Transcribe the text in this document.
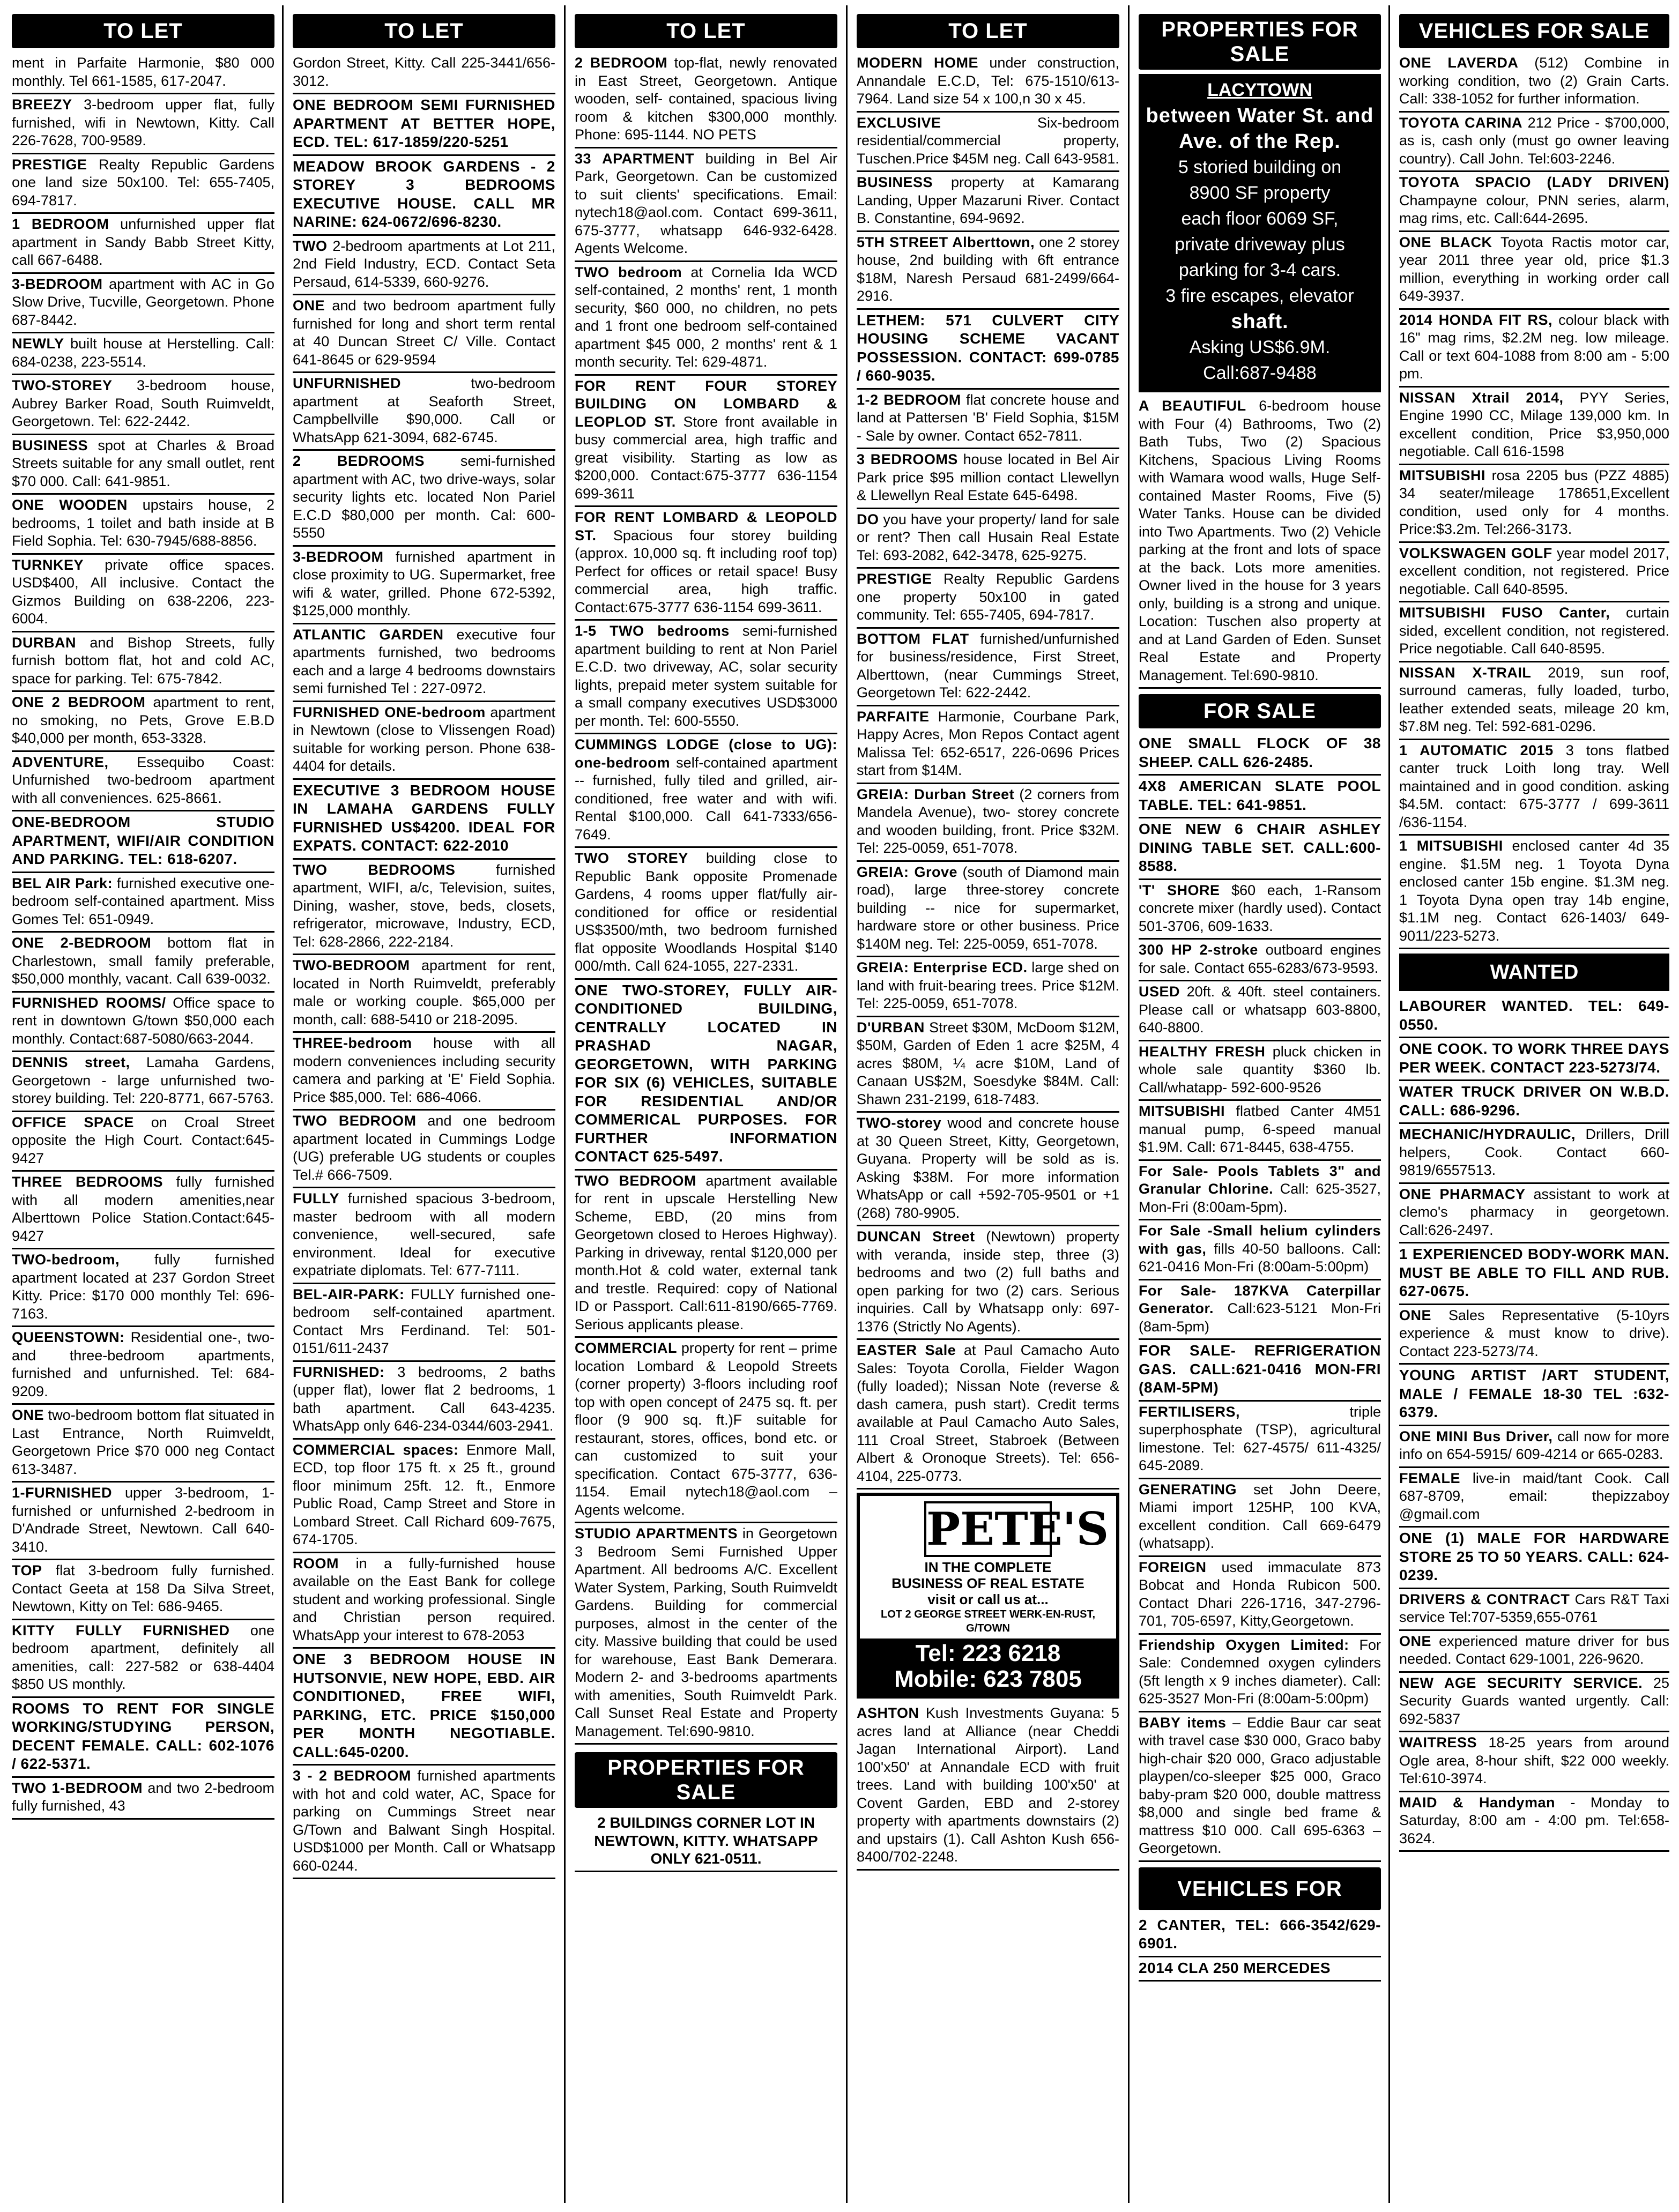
TO LET

ment in Parfaite Harmonie, $80 000 monthly. Tel 661-1585, 617-2047.

BREEZY 3-bedroom upper flat, fully furnished, wifi in Newtown, Kitty. Call 226-7628, 700-9589.

PRESTIGE Realty Republic Gardens one land size 50x100. Tel: 655-7405, 694-7817.

1 BEDROOM unfurnished upper flat apartment in Sandy Babb Street Kitty, call 667-6488.

3-BEDROOM apartment with AC in Go Slow Drive, Tucville, Georgetown. Phone 687-8442.

NEWLY built house at Herstelling. Call: 684-0238, 223-5514.

TWO-STOREY 3-bedroom house, Aubrey Barker Road, South Ruimveldt, Georgetown. Tel: 622-2442.

BUSINESS spot at Charles & Broad Streets suitable for any small outlet, rent $70 000. Call: 641-9851.

ONE WOODEN upstairs house, 2 bedrooms, 1 toilet and bath inside at B Field Sophia. Tel: 630-7945/688-8856.

TURNKEY private office spaces. USD$400, All inclusive. Contact the Gizmos Building on 638-2206, 223-6004.

DURBAN and Bishop Streets, fully furnish bottom flat, hot and cold AC, space for parking. Tel: 675-7842.

ONE 2 BEDROOM apartment to rent, no smoking, no Pets, Grove E.B.D $40,000 per month, 653-3328.

ADVENTURE, Essequibo Coast: Unfurnished two-bedroom apartment with all conveniences. 625-8661.

ONE-BEDROOM STUDIO APARTMENT, WIFI/AIR CONDITION AND PARKING. TEL: 618-6207.

BEL AIR Park: furnished executive one-bedroom self-contained apartment. Miss Gomes Tel: 651-0949.

ONE 2-BEDROOM bottom flat in Charlestown, small family preferable, $50,000 monthly, vacant. Call 639-0032.

FURNISHED ROOMS/ Office space to rent in downtown G/town $50,000 each monthly. Contact:687-5080/663-2044.

DENNIS street, Lamaha Gardens, Georgetown - large unfurnished two-storey building. Tel: 220-8771, 667-5763.

OFFICE SPACE on Croal Street opposite the High Court. Contact:645-9427

THREE BEDROOMS fully furnished with all modern amenities,near Alberttown Police Station.Contact:645-9427

TWO-bedroom, fully furnished apartment located at 237 Gordon Street Kitty. Price: $170 000 monthly Tel: 696-7163.

QUEENSTOWN: Residential one-, two- and three-bedroom apartments, furnished and unfurnished. Tel: 684-9209.

ONE two-bedroom bottom flat situated in Last Entrance, North Ruimveldt, Georgetown Price $70 000 neg Contact 613-3487.

1-FURNISHED upper 3-bedroom, 1-furnished or unfurnished 2-bedroom in D'Andrade Street, Newtown. Call 640-3410.

TOP flat 3-bedroom fully furnished. Contact Geeta at 158 Da Silva Street, Newtown, Kitty on Tel: 686-9465.

KITTY FULLY FURNISHED one bedroom apartment, definitely all amenities, call: 227-582 or 638-4404 $850 US monthly.

ROOMS TO RENT FOR SINGLE WORKING/STUDYING PERSON, DECENT FEMALE. CALL: 602-1076 / 622-5371.

TWO 1-BEDROOM and two 2-bedroom fully furnished, 43

TO LET

Gordon Street, Kitty. Call 225-3441/656-3012.

ONE BEDROOM SEMI FURNISHED APARTMENT AT BETTER HOPE, ECD. TEL: 617-1859/220-5251

MEADOW BROOK GARDENS - 2 STOREY 3 BEDROOMS EXECUTIVE HOUSE. CALL MR NARINE: 624-0672/696-8230.

TWO 2-bedroom apartments at Lot 211, 2nd Field Industry, ECD. Contact Seta Persaud, 614-5339, 660-9276.

ONE and two bedroom apartment fully furnished for long and short term rental at 40 Duncan Street C/ Ville. Contact 641-8645 or 629-9594

UNFURNISHED	two-bedroom apartment at Seaforth Street, Campbellville $90,000. Call or WhatsApp 621-3094, 682-6745.

2 BEDROOMS semi-furnished apartment with AC, two drive-ways, solar security lights etc. located Non Pariel E.C.D $80,000 per month. Cal: 600-5550

3-BEDROOM furnished apartment in close proximity to UG. Supermarket, free wifi & water, grilled. Phone 672-5392, $125,000 monthly.

ATLANTIC GARDEN executive four apartments furnished, two bedrooms each and a large 4 bedrooms downstairs semi furnished Tel : 227-0972.

FURNISHED ONE-bedroom apartment in Newtown (close to Vlissengen Road) suitable for working person. Phone 638-4404 for details.

EXECUTIVE 3 BEDROOM HOUSE IN LAMAHA GARDENS FULLY FURNISHED US$4200. IDEAL FOR EXPATS. CONTACT: 622-2010

TWO BEDROOMS	furnished apartment, WIFI, a/c, Television, suites, Dining, washer, stove, beds, closets, refrigerator, microwave, Industry, ECD, Tel: 628-2866, 222-2184.

TWO-BEDROOM apartment for rent, located in North Ruimveldt, preferably male or working couple. $65,000 per month, call: 688-5410 or 218-2095.

THREE-bedroom house with all modern conveniences including security camera and parking at 'E' Field Sophia. Price $85,000. Tel: 686-4066.

TWO BEDROOM and one bedroom apartment located in Cummings Lodge (UG) preferable UG students or couples Tel.# 666-7509.

FULLY furnished spacious 3-bedroom, master bedroom with all modern convenience, well-secured, safe environment. Ideal for executive expatriate diplomats. Tel: 677-7111.

BEL-AIR-PARK: FULLY furnished one-bedroom self-contained apartment. Contact Mrs Ferdinand. Tel: 501-0151/611-2437

FURNISHED: 3 bedrooms, 2 baths (upper flat), lower flat 2 bedrooms, 1 bath apartment. Call 643-4235. WhatsApp only 646-234-0344/603-2941.

COMMERCIAL spaces: Enmore Mall, ECD, top floor 175 ft. x 25 ft., ground floor minimum 25ft. 12. ft., Enmore Public Road, Camp Street and Store in Lombard Street. Call Richard 609-7675, 674-1705.

ROOM in a fully-furnished house available on the East Bank for college student and working professional. Single and Christian person required. WhatsApp your interest to 678-2053

ONE 3 BEDROOM HOUSE IN HUTSONVIE, NEW HOPE, EBD. AIR CONDITIONED, FREE WIFI, PARKING, ETC. PRICE $150,000 PER MONTH NEGOTIABLE. CALL:645-0200.

3 - 2 BEDROOM furnished apartments with hot and cold water, AC, Space for parking on Cummings Street near G/Town and Balwant Singh Hospital. USD$1000 per Month. Call or Whatsapp 660-0244.

TO LET

2 BEDROOM top-flat, newly renovated in East Street, Georgetown. Antique wooden, self- contained, spacious living room & kitchen $300,000 monthly. Phone: 695-1144. NO PETS

33 APARTMENT building in Bel Air Park, Georgetown. Can be customized to suit clients' specifications. Email: nytech18@aol.com. Contact 699-3611, 675-3777, whatsapp 646-932-6428. Agents Welcome.

TWO bedroom at Cornelia Ida WCD self-contained, 2 months' rent, 1 month security, $60 000, no children, no pets and 1 front one bedroom self-contained apartment $45 000, 2 months' rent & 1 month security. Tel: 629-4871.

FOR RENT FOUR STOREY BUILDING ON LOMBARD & LEOPLOD ST. Store front available in busy commercial area, high traffic and great visibility. Starting as low as $200,000. Contact:675-3777 636-1154 699-3611

FOR RENT LOMBARD & LEOPOLD ST. Spacious four storey building (approx. 10,000 sq. ft including roof top) Perfect for offices or retail space! Busy commercial area, high traffic. Contact:675-3777 636-1154 699-3611.

1-5 TWO bedrooms semi-furnished apartment building to rent at Non Pariel E.C.D. two driveway, AC, solar security lights, prepaid meter system suitable for a small company executives USD$3000 per month. Tel: 600-5550.

CUMMINGS LODGE (close to UG): one-bedroom self-contained apartment -- furnished, fully tiled and grilled, air-conditioned, free water and with wifi. Rental $100,000. Call 641-7333/656-7649.

TWO STOREY building close to Republic Bank opposite Promenade Gardens, 4 rooms upper flat/fully air-conditioned for office or residential US$3500/mth, two bedroom furnished flat opposite Woodlands Hospital $140 000/mth. Call 624-1055, 227-2331.

ONE TWO-STOREY, FULLY AIR-CONDITIONED BUILDING, CENTRALLY LOCATED IN PRASHAD NAGAR, GEORGETOWN, WITH PARKING FOR SIX (6) VEHICLES, SUITABLE FOR RESIDENTIAL AND/OR COMMERICAL PURPOSES. FOR FURTHER INFORMATION CONTACT 625-5497.

TWO BEDROOM apartment available for rent in upscale Herstelling New Scheme, EBD, (20 mins from Georgetown closed to Heroes Highway). Parking in driveway, rental $120,000 per month.Hot & cold water, external tank and trestle. Required: copy of National ID or Passport. Call:611-8190/665-7769. Serious applicants please.

COMMERCIAL property for rent – prime location Lombard & Leopold Streets (corner property) 3-floors including roof top with open concept of 2475 sq. ft. per floor (9 900 sq. ft.)F suitable for restaurant, stores, offices, bond etc. or can customized to suit your specification. Contact 675-3777, 636-1154. Email nytech18@aol.com – Agents welcome.

STUDIO APARTMENTS in Georgetown 3 Bedroom Semi Furnished Upper Apartment. All bedrooms A/C. Excellent Water System, Parking, South Ruimveldt Gardens. Building for commercial purposes, almost in the center of the city. Massive building that could be used for warehouse, East Bank Demerara. Modern 2- and 3-bedrooms apartments with amenities, South Ruimveldt Park. Call Sunset Real Estate and Property Management. Tel:690-9810.

PROPERTIES FOR SALE
2 BUILDINGS CORNER LOT IN NEWTOWN, KITTY. WHATSAPP ONLY 621-0511.
TO LET

MODERN HOME under construction, Annandale E.C.D, Tel: 675-1510/613-7964. Land size 54 x 100,n 30 x 45.

EXCLUSIVE	Six-bedroom residential/commercial property, Tuschen.Price $45M neg. Call 643-9581.

BUSINESS property at Kamarang Landing, Upper Mazaruni River. Contact B. Constantine, 694-9692.

5TH STREET Alberttown, one 2 storey house, 2nd building with 6ft entrance $18M, Naresh Persaud 681-2499/664-2916.

LETHEM: 571 CULVERT CITY HOUSING SCHEME VACANT POSSESSION. CONTACT: 699-0785 / 660-9035.

1-2 BEDROOM flat concrete house and land at Pattersen 'B' Field Sophia, $15M - Sale by owner. Contact 652-7811.

3 BEDROOMS house located in Bel Air Park price $95 million contact Llewellyn & Llewellyn Real Estate 645-6498.

DO you have your property/ land for sale or rent? Then call Husain Real Estate Tel: 693-2082, 642-3478, 625-9275.

PRESTIGE Realty Republic Gardens one property 50x100 in gated community. Tel: 655-7405, 694-7817.

BOTTOM FLAT furnished/unfurnished for business/residence, First Street, Alberttown, (near Cummings Street, Georgetown Tel: 622-2442.

PARFAITE Harmonie, Courbane Park, Happy Acres, Mon Repos Contact agent Malissa Tel: 652-6517, 226-0696 Prices start from $14M.

GREIA: Durban Street (2 corners from Mandela Avenue), two- storey concrete and wooden building, front. Price $32M. Tel: 225-0059, 651-7078.

GREIA: Grove (south of Diamond main road), large three-storey concrete building -- nice for supermarket, hardware store or other business. Price $140M neg. Tel: 225-0059, 651-7078.

GREIA: Enterprise ECD. large shed on land with fruit-bearing trees. Price $12M. Tel: 225-0059, 651-7078.

D'URBAN Street $30M, McDoom $12M, $50M, Garden of Eden 1 acre $25M, 4 acres $80M, ¼ acre $10M, Land of Canaan US$2M, Soesdyke $84M. Call: Shawn 231-2199, 618-7483.

TWO-storey wood and concrete house at 30 Queen Street, Kitty, Georgetown, Guyana. Property will be sold as is. Asking $38M. For more information WhatsApp or call +592-705-9501 or +1 (268) 780-9905.

DUNCAN Street (Newtown) property with veranda, inside step, three (3) bedrooms and two (2) full baths and open parking for two (2) cars. Serious inquiries. Call by Whatsapp only: 697-1376 (Strictly No Agents).

EASTER Sale at Paul Camacho Auto Sales: Toyota Corolla, Fielder Wagon (fully loaded); Nissan Note (reverse & dash camera, push start). Credit terms available at Paul Camacho Auto Sales, 111 Croal Street, Stabroek (Between Albert & Oronoque Streets). Tel: 656-4104, 225-0773.

PETE'S
IN THE COMPLETE
BUSINESS OF REAL ESTATE
visit or call us at...
LOT 2 GEORGE STREET WERK-EN-RUST, G/TOWN
Tel: 223 6218
Mobile: 623 7805

ASHTON Kush Investments Guyana: 5 acres land at Alliance (near Cheddi Jagan International Airport). Land 100'x50' at Annandale ECD with fruit trees. Land with building 100'x50' at Covent Garden, EBD and 2-storey property with apartments downstairs (2) and upstairs (1). Call Ashton Kush 656-8400/702-2248.

PROPERTIES FOR SALE
LACYTOWN
between Water St. and
Ave. of the Rep.
5 storied building on
8900 SF property
each floor 6069 SF,
private driveway plus
parking for 3-4 cars.
3 fire escapes, elevator
shaft.
Asking US$6.9M.
Call:687-9488

A BEAUTIFUL 6-bedroom house with Four (4) Bathrooms, Two (2) Bath Tubs, Two (2) Spacious Kitchens, Spacious Living Rooms with Wamara wood walls, Huge Self-contained Master Rooms, Five (5) Water Tanks. House can be divided into Two Apartments. Two (2) Vehicle parking at the front and lots of space at the back. Lots more amenities. Owner lived in the house for 3 years only, building is a strong and unique. Location: Tuschen also property at and at Land Garden of Eden. Sunset Real Estate and Property Management. Tel:690-9810.

FOR SALE

ONE SMALL FLOCK OF 38 SHEEP. CALL 626-2485.

4X8 AMERICAN SLATE POOL TABLE. TEL: 641-9851.

ONE NEW 6 CHAIR ASHLEY DINING TABLE SET. CALL:600-8588.

'T' SHORE $60 each, 1-Ransom concrete mixer (hardly used). Contact 501-3706, 609-1633.

300 HP 2-stroke outboard engines for sale. Contact 655-6283/673-9593.

USED 20ft. & 40ft. steel containers. Please call or whatsapp 603-8800, 640-8800.

HEALTHY FRESH pluck chicken in whole sale quantity $360 lb. Call/whatapp- 592-600-9526

MITSUBISHI flatbed Canter 4M51 manual pump, 6-speed manual $1.9M. Call: 671-8445, 638-4755.

For Sale- Pools Tablets 3" and Granular Chlorine. Call: 625-3527, Mon-Fri (8:00am-5pm).

For Sale -Small helium cylinders with gas, fills 40-50 balloons. Call: 621-0416 Mon-Fri (8:00am-5:00pm)

For Sale- 187KVA Caterpillar Generator. Call:623-5121 Mon-Fri (8am-5pm)

FOR SALE- REFRIGERATION GAS. CALL:621-0416 MON-FRI (8AM-5PM)

FERTILISERS,	triple superphosphate (TSP), agricultural limestone. Tel: 627-4575/ 611-4325/ 645-2089.

GENERATING set John Deere, Miami import 125HP, 100 KVA, excellent condition. Call 669-6479 (whatsapp).

FOREIGN used immaculate 873 Bobcat and Honda Rubicon 500. Contact Dhari 226-1716, 347-2796-701, 705-6597, Kitty,Georgetown.

Friendship Oxygen Limited: For Sale: Condemned oxygen cylinders (5ft length x 9 inches diameter). Call: 625-3527 Mon-Fri (8:00am-5:00pm)

BABY items – Eddie Baur car seat with travel case $30 000, Graco baby high-chair $20 000, Graco adjustable playpen/co-sleeper $25 000, Graco baby-pram $20 000, double mattress $8,000 and single bed frame & mattress $10 000. Call 695-6363 – Georgetown.

VEHICLES FOR

2 CANTER, TEL: 666-3542/629-6901.

2014 CLA 250 MERCEDES

VEHICLES FOR SALE

ONE LAVERDA (512) Combine in working condition, two (2) Grain Carts. Call: 338-1052 for further information.

TOYOTA CARINA 212 Price - $700,000, as is, cash only (must go owner leaving country). Call John. Tel:603-2246.

TOYOTA SPACIO (LADY DRIVEN) Champayne colour, PNN series, alarm, mag rims, etc. Call:644-2695.

ONE BLACK Toyota Ractis motor car, year 2011 three year old, price $1.3 million, everything in working order call 649-3937.

2014 HONDA FIT RS, colour black with 16" mag rims, $2.2M neg. low mileage. Call or text 604-1088 from 8:00 am - 5:00 pm.

NISSAN Xtrail 2014, PYY Series, Engine 1990 CC, Milage 139,000 km. In excellent condition, Price $3,950,000 negotiable. Call 616-1598

MITSUBISHI rosa 2205 bus (PZZ 4885) 34 seater/mileage 178651,Excellent condition, used only for 4 months. Price:$3.2m. Tel:266-3173.

VOLKSWAGEN GOLF year model 2017, excellent condition, not registered. Price negotiable. Call 640-8595.

MITSUBISHI FUSO Canter, curtain sided, excellent condition, not registered. Price negotiable. Call 640-8595.

NISSAN X-TRAIL 2019, sun roof, surround cameras, fully loaded, turbo, leather extended seats, mileage 20 km, $7.8M neg. Tel: 592-681-0296.

1 AUTOMATIC 2015 3 tons flatbed canter truck Loith long tray. Well maintained and in good condition. asking $4.5M. contact: 675-3777 / 699-3611 /636-1154.

1 MITSUBISHI enclosed canter 4d 35 engine. $1.5M neg. 1 Toyota Dyna enclosed canter 15b engine. $1.3M neg. 1 Toyota Dyna open tray 14b engine, $1.1M neg. Contact 626-1403/ 649-9011/223-5273.

WANTED

LABOURER WANTED. TEL: 649-0550.

ONE COOK. TO WORK THREE DAYS PER WEEK. CONTACT 223-5273/74.

WATER TRUCK DRIVER ON W.B.D. CALL: 686-9296.

MECHANIC/HYDRAULIC, Drillers, Drill helpers, Cook. Contact 660-9819/6557513.

ONE PHARMACY assistant to work at clemo's pharmacy in georgetown. Call:626-2497.

1 EXPERIENCED BODY-WORK MAN. MUST BE ABLE TO FILL AND RUB. 627-0675.

ONE Sales Representative (5-10yrs experience & must know to drive). Contact 223-5273/74.

YOUNG ARTIST /ART STUDENT, MALE / FEMALE 18-30 TEL :632-6379.

ONE MINI Bus Driver, call now for more info on 654-5915/ 609-4214 or 665-0283.

FEMALE live-in maid/tant Cook. Call 687-8709, email: thepizzaboy @gmail.com

ONE (1) MALE FOR HARDWARE STORE 25 TO 50 YEARS. CALL: 624-0239.

DRIVERS & CONTRACT Cars R&T Taxi service Tel:707-5359,655-0761

ONE experienced mature driver for bus needed. Contact 629-1001, 226-9620.

NEW AGE SECURITY SERVICE. 25 Security Guards wanted urgently. Call: 692-5837

WAITRESS 18-25 years from around Ogle area, 8-hour shift, $22 000 weekly. Tel:610-3974.

MAID & Handyman - Monday to Saturday, 8:00 am - 4:00 pm. Tel:658-3624.
